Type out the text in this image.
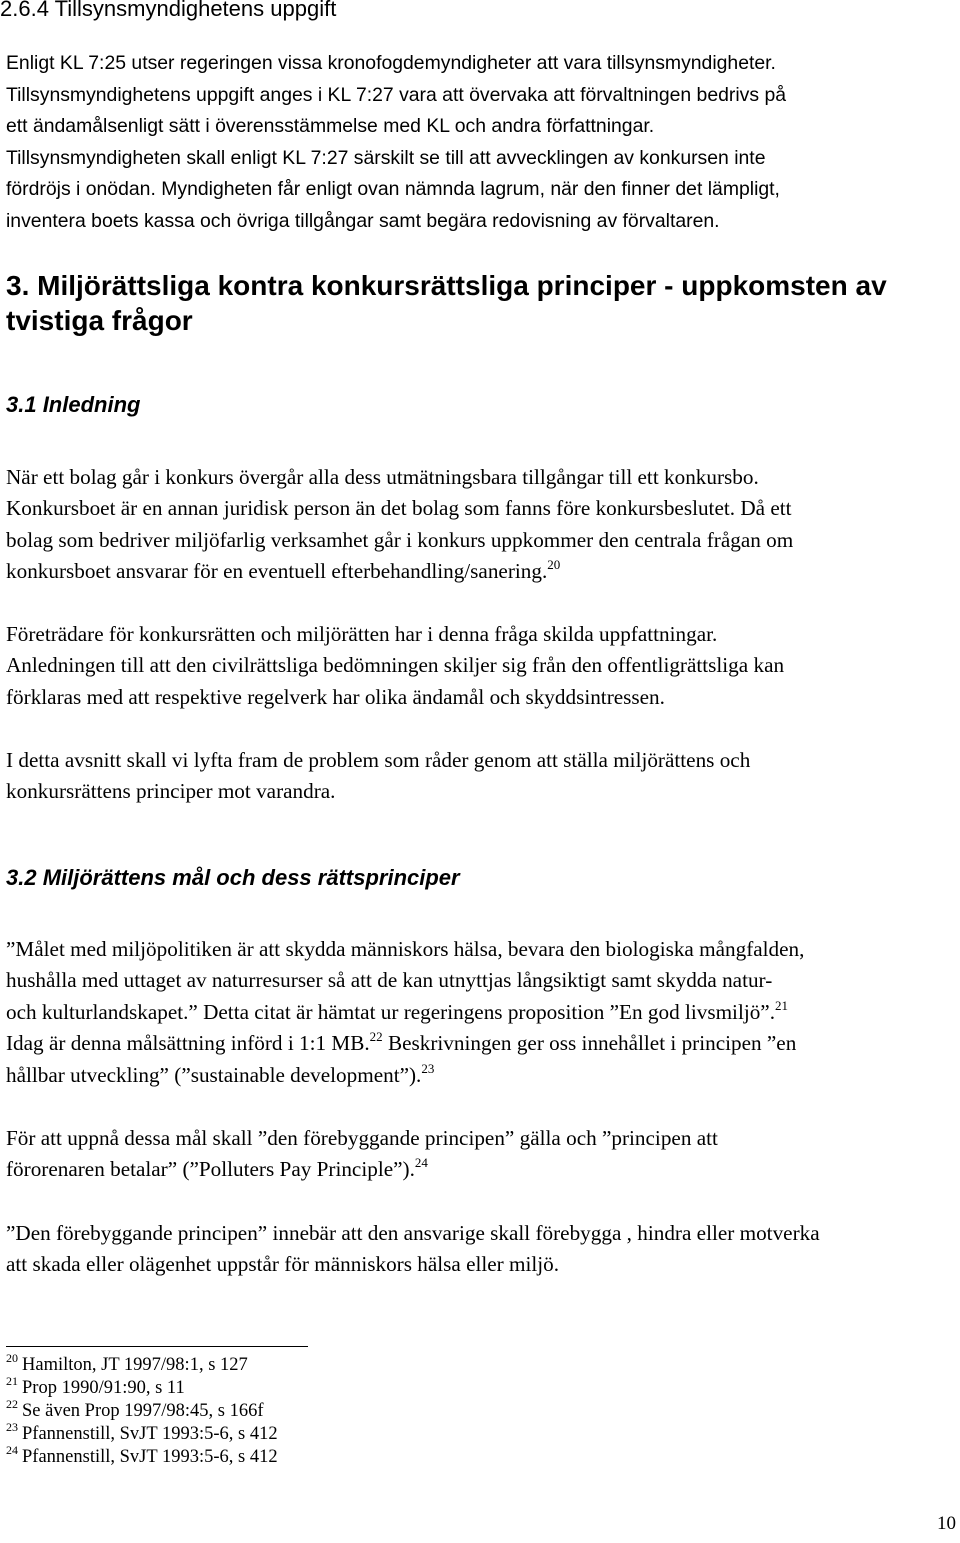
2.6.4 Tillsynsmyndighetens uppgift
Enligt KL 7:25 utser regeringen vissa kronofogdemyndigheter att vara tillsynsmyndigheter.
Tillsynsmyndighetens uppgift anges i KL 7:27 vara att övervaka att förvaltningen bedrivs på
ett ändamålsenligt sätt i överensstämmelse med KL och andra författningar.
Tillsynsmyndigheten skall enligt KL 7:27 särskilt se till att avvecklingen av konkursen inte
fördröjs i onödan. Myndigheten får enligt ovan nämnda lagrum, när den finner det lämpligt,
inventera boets kassa och övriga tillgångar samt begära redovisning av förvaltaren.
3. Miljörättsliga kontra konkursrättsliga principer - uppkomsten av tvistiga frågor
3.1 Inledning
När ett bolag går i konkurs övergår alla dess utmätningsbara tillgångar till ett konkursbo.
Konkursboet är en annan juridisk person än det bolag som fanns före konkursbeslutet. Då ett
bolag som bedriver miljöfarlig verksamhet går i konkurs uppkommer den centrala frågan om
konkursboet ansvarar för en eventuell efterbehandling/sanering.$^{20}$
Företrädare för konkursrätten och miljörätten har i denna fråga skilda uppfattningar.
Anledningen till att den civilrättsliga bedömningen skiljer sig från den offentligrättsliga kan
förklaras med att respektive regelverk har olika ändamål och skyddsintressen.
I detta avsnitt skall vi lyfta fram de problem som råder genom att ställa miljörättens och
konkursrättens principer mot varandra.
3.2 Miljörättens mål och dess rättsprinciper
”Målet med miljöpolitiken är att skydda människors hälsa, bevara den biologiska mångfalden,
hushålla med uttaget av naturresurser så att de kan utnyttjas långsiktigt samt skydda natur-
och kulturlandskapet.” Detta citat är hämtat ur regeringens proposition ”En god livsmiljö”.$^{21}$
Idag är denna målsättning införd i 1:1 MB.$^{22}$ Beskrivningen ger oss innehållet i principen ”en
hållbar utveckling” (”sustainable development”).$^{23}$
För att uppnå dessa mål skall ”den förebyggande principen” gälla och ”principen att
förorenaren betalar” (”Polluters Pay Principle”).$^{24}$
”Den förebyggande principen” innebär att den ansvarige skall förebygga , hindra eller motverka
att skada eller olägenhet uppstår för människors hälsa eller miljö.
$^{20}$ Hamilton, JT 1997/98:1, s 127
$^{21}$ Prop 1990/91:90, s 11
$^{22}$ Se även Prop 1997/98:45, s 166f
$^{23}$ Pfannenstill, SvJT 1993:5-6, s 412
$^{24}$ Pfannenstill, SvJT 1993:5-6, s 412
10
